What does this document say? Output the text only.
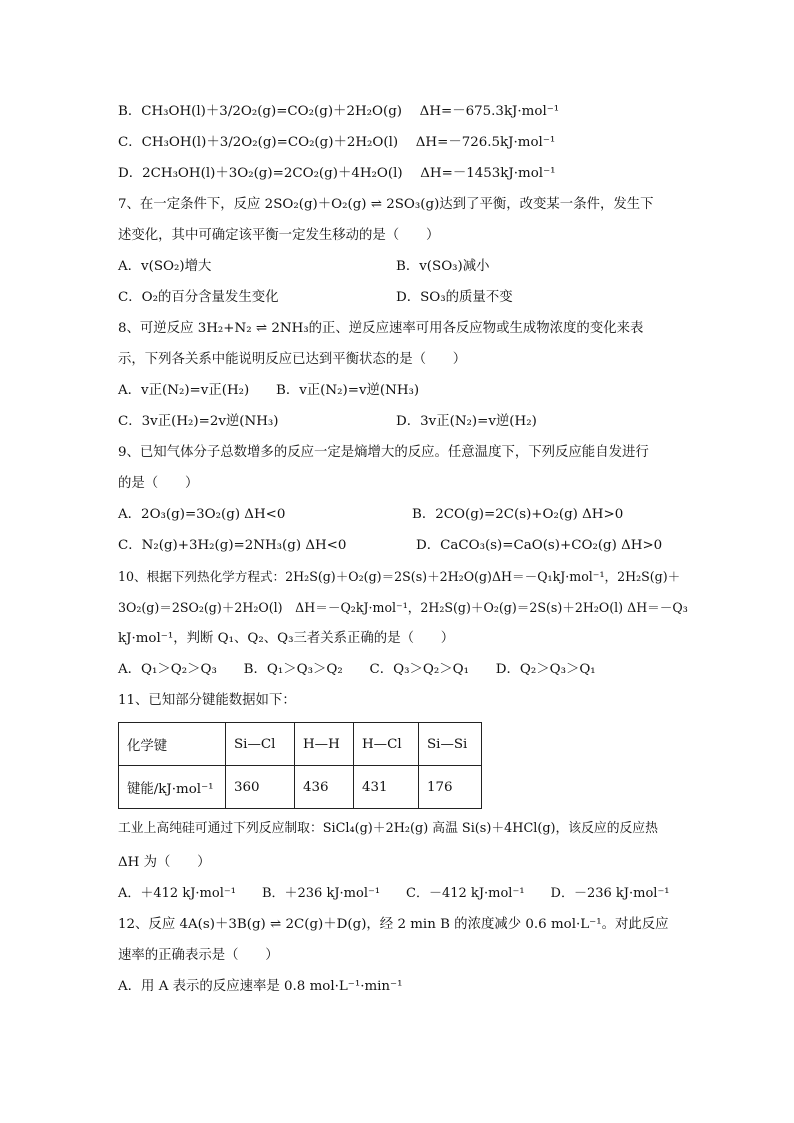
B．CH₃OH(l)＋3/2O₂(g)=CO₂(g)＋2H₂O(g)　 ΔH=－675.3kJ·mol⁻¹
C．CH₃OH(l)＋3/2O₂(g)=CO₂(g)＋2H₂O(l)　 ΔH=－726.5kJ·mol⁻¹
D．2CH₃OH(l)＋3O₂(g)=2CO₂(g)＋4H₂O(l)　 ΔH=－1453kJ·mol⁻¹
7、在一定条件下，反应 2SO₂(g)＋O₂(g) ⇌ 2SO₃(g)达到了平衡，改变某一条件，发生下
述变化，其中可确定该平衡一定发生移动的是（　　）
A．v(SO₂)增大	B．v(SO₃)减小
C．O₂的百分含量发生变化	D．SO₃的质量不变
8、可逆反应 3H₂+N₂ ⇌ 2NH₃的正、逆反应速率可用各反应物或生成物浓度的变化来表
示，下列各关系中能说明反应已达到平衡状态的是（　　）
A．v正(N₂)=v正(H₂)　　B．v正(N₂)=v逆(NH₃)
C．3v正(H₂)=2v逆(NH₃)	D．3v正(N₂)=v逆(H₂)
9、已知气体分子总数增多的反应一定是熵增大的反应。任意温度下，下列反应能自发进行
的是（　　）
A．2O₃(g)=3O₂(g) ΔH<0	B．2CO(g)=2C(s)+O₂(g) ΔH>0
C．N₂(g)+3H₂(g)=2NH₃(g) ΔH<0	D．CaCO₃(s)=CaO(s)+CO₂(g) ΔH>0
10、根据下列热化学方程式：2H₂S(g)＋O₂(g)＝2S(s)＋2H₂O(g)ΔH＝－Q₁kJ·mol⁻¹，2H₂S(g)＋
3O₂(g)＝2SO₂(g)＋2H₂O(l)　ΔH＝－Q₂kJ·mol⁻¹，2H₂S(g)＋O₂(g)＝2S(s)＋2H₂O(l) ΔH＝－Q₃
kJ·mol⁻¹，判断 Q₁、Q₂、Q₃三者关系正确的是（　　）
A．Q₁＞Q₂＞Q₃　　B．Q₁＞Q₃＞Q₂　　C．Q₃＞Q₂＞Q₁　　D．Q₂＞Q₃＞Q₁
11、已知部分键能数据如下：
化学键	Si—Cl	H—H	H—Cl	Si—Si
键能/kJ·mol⁻¹	360	436	431	176
工业上高纯硅可通过下列反应制取：SiCl₄(g)＋2H₂(g) 高温 Si(s)＋4HCl(g)，该反应的反应热
ΔH 为（　　）
A．＋412 kJ·mol⁻¹　　B．＋236 kJ·mol⁻¹　　C．－412 kJ·mol⁻¹　　D．－236 kJ·mol⁻¹
12、反应 4A(s)＋3B(g) ⇌ 2C(g)＋D(g)，经 2 min B 的浓度减少 0.6 mol·L⁻¹。对此反应
速率的正确表示是（　　）
A．用 A 表示的反应速率是 0.8 mol·L⁻¹·min⁻¹
